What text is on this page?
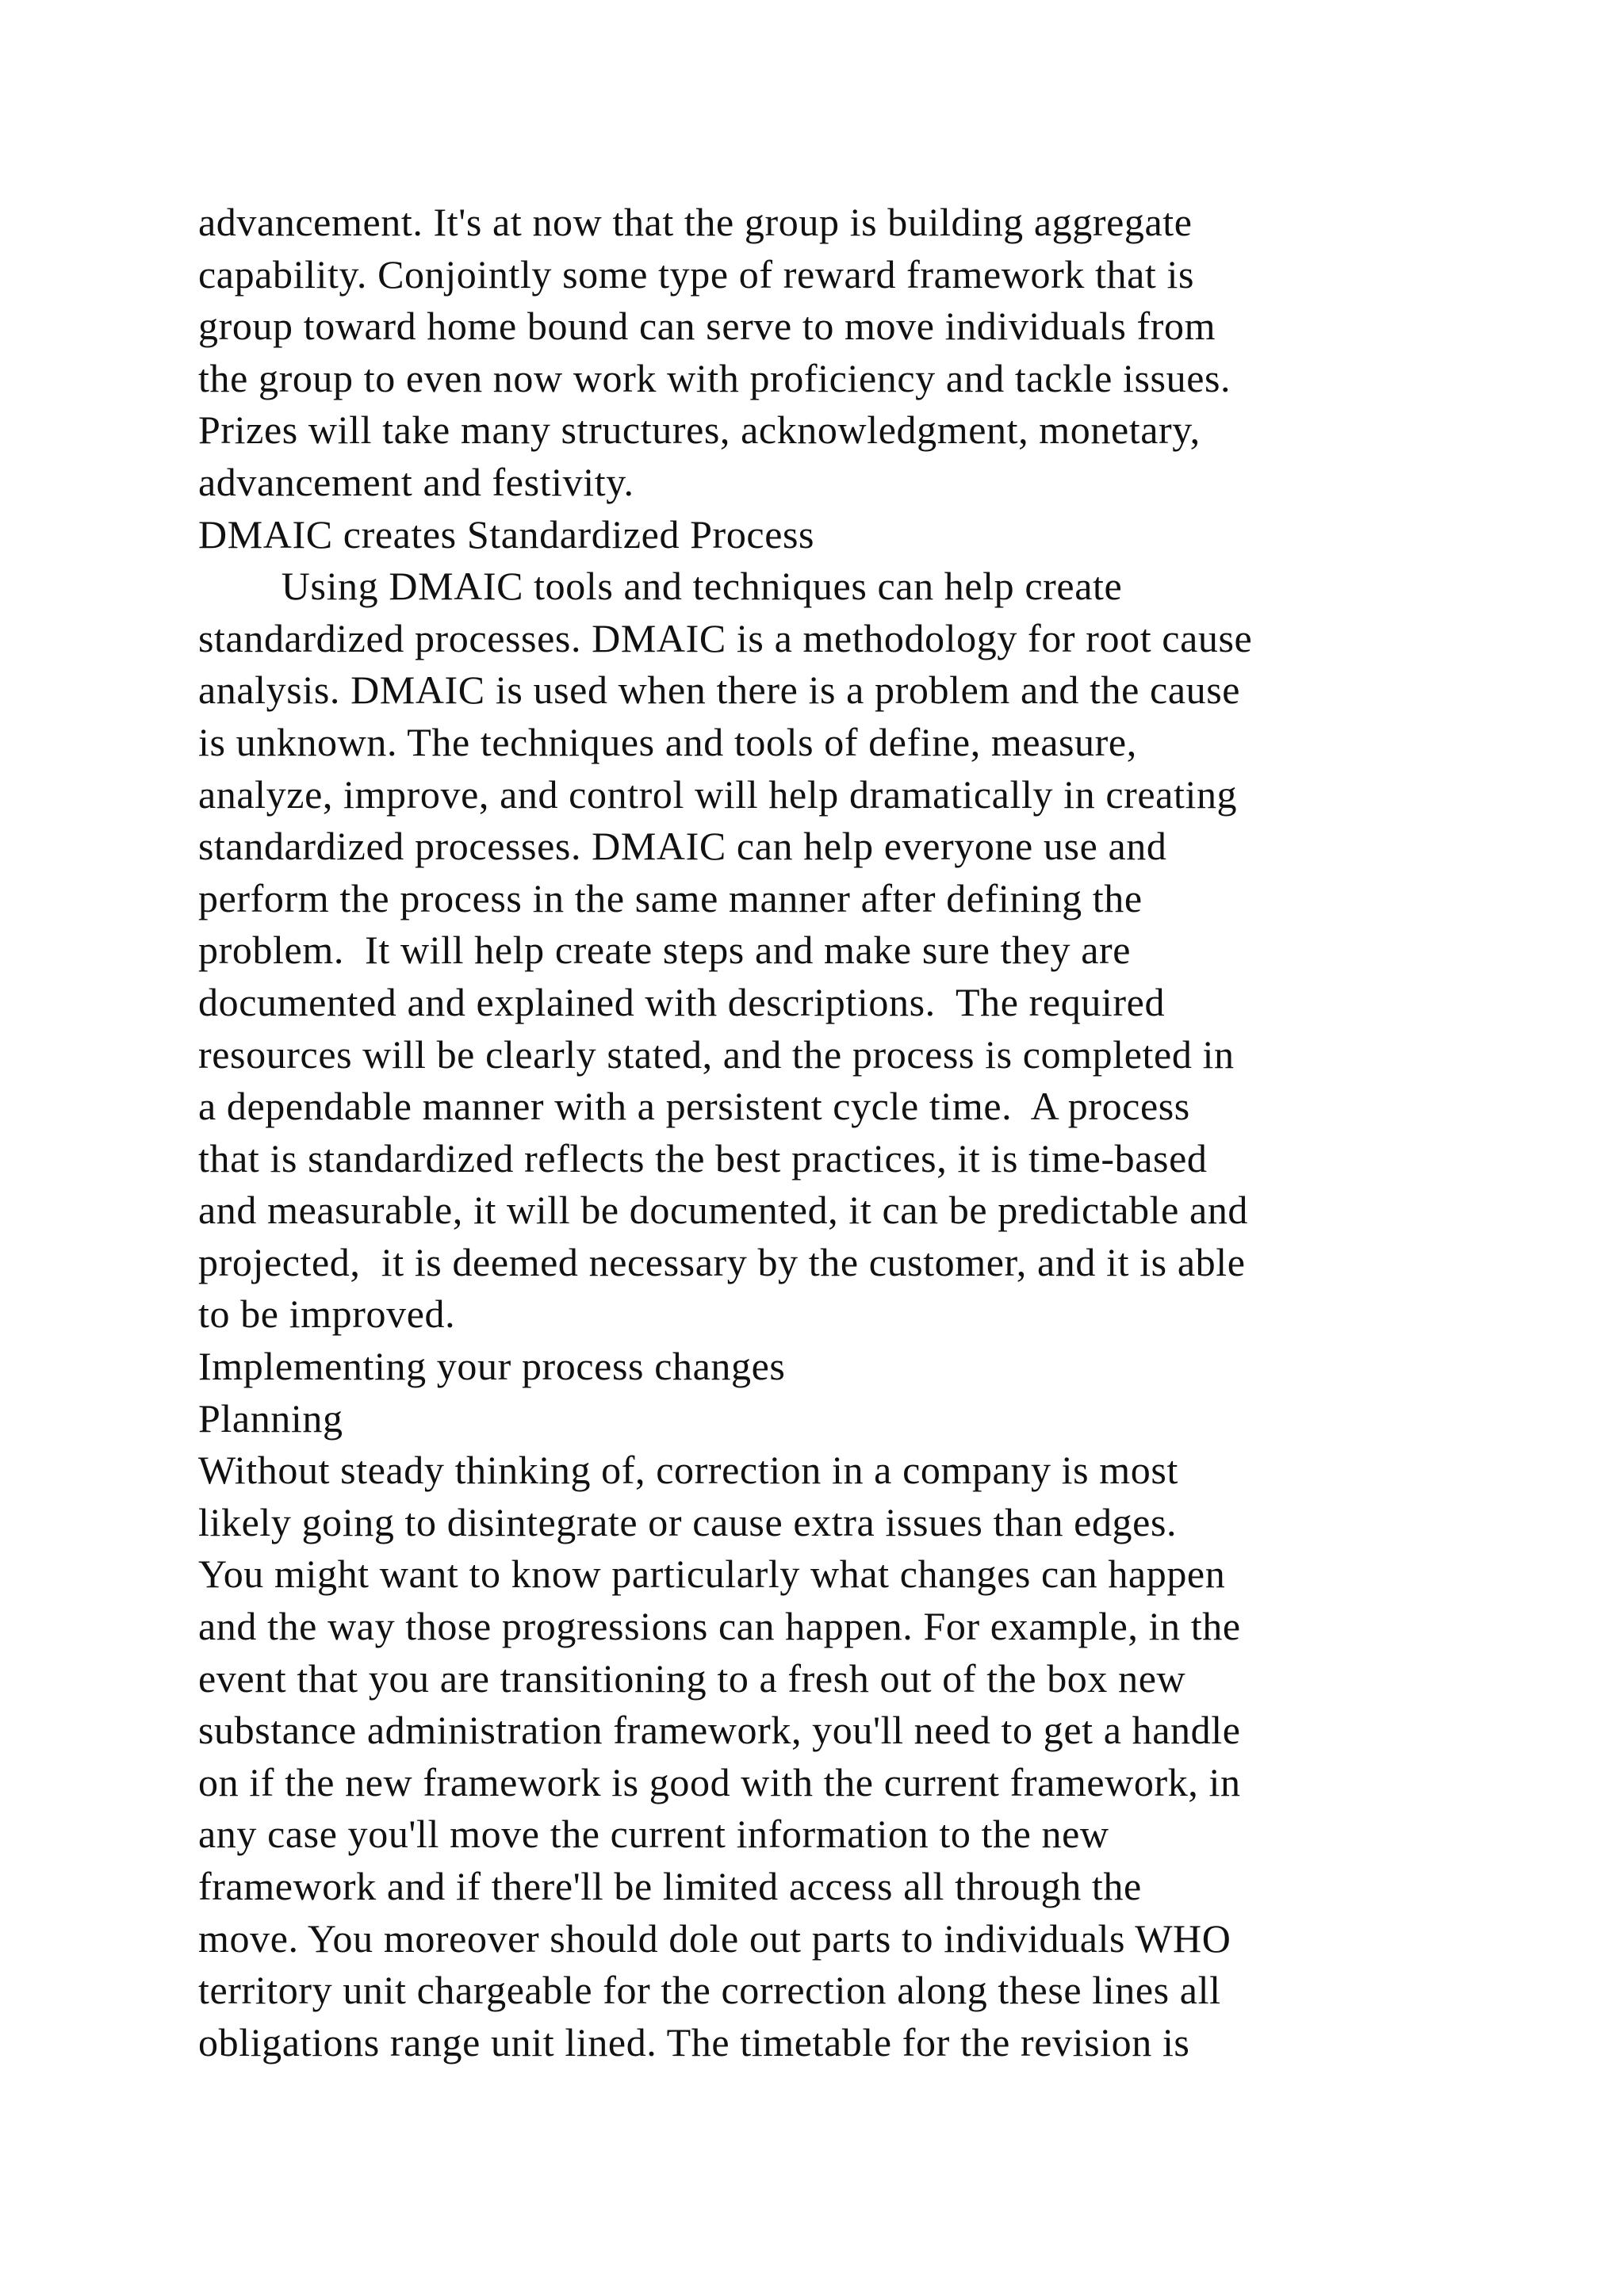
advancement. It's at now that the group is building aggregate
capability. Conjointly some type of reward framework that is
group toward home bound can serve to move individuals from
the group to even now work with proficiency and tackle issues.
Prizes will take many structures, acknowledgment, monetary,
advancement and festivity.
DMAIC creates Standardized Process
Using DMAIC tools and techniques can help create
standardized processes. DMAIC is a methodology for root cause
analysis. DMAIC is used when there is a problem and the cause
is unknown. The techniques and tools of define, measure,
analyze, improve, and control will help dramatically in creating
standardized processes. DMAIC can help everyone use and
perform the process in the same manner after defining the
problem.  It will help create steps and make sure they are
documented and explained with descriptions.  The required
resources will be clearly stated, and the process is completed in
a dependable manner with a persistent cycle time.  A process
that is standardized reflects the best practices, it is time-based
and measurable, it will be documented, it can be predictable and
projected,  it is deemed necessary by the customer, and it is able
to be improved.
Implementing your process changes
Planning
Without steady thinking of, correction in a company is most
likely going to disintegrate or cause extra issues than edges.
You might want to know particularly what changes can happen
and the way those progressions can happen. For example, in the
event that you are transitioning to a fresh out of the box new
substance administration framework, you'll need to get a handle
on if the new framework is good with the current framework, in
any case you'll move the current information to the new
framework and if there'll be limited access all through the
move. You moreover should dole out parts to individuals WHO
territory unit chargeable for the correction along these lines all
obligations range unit lined. The timetable for the revision is
